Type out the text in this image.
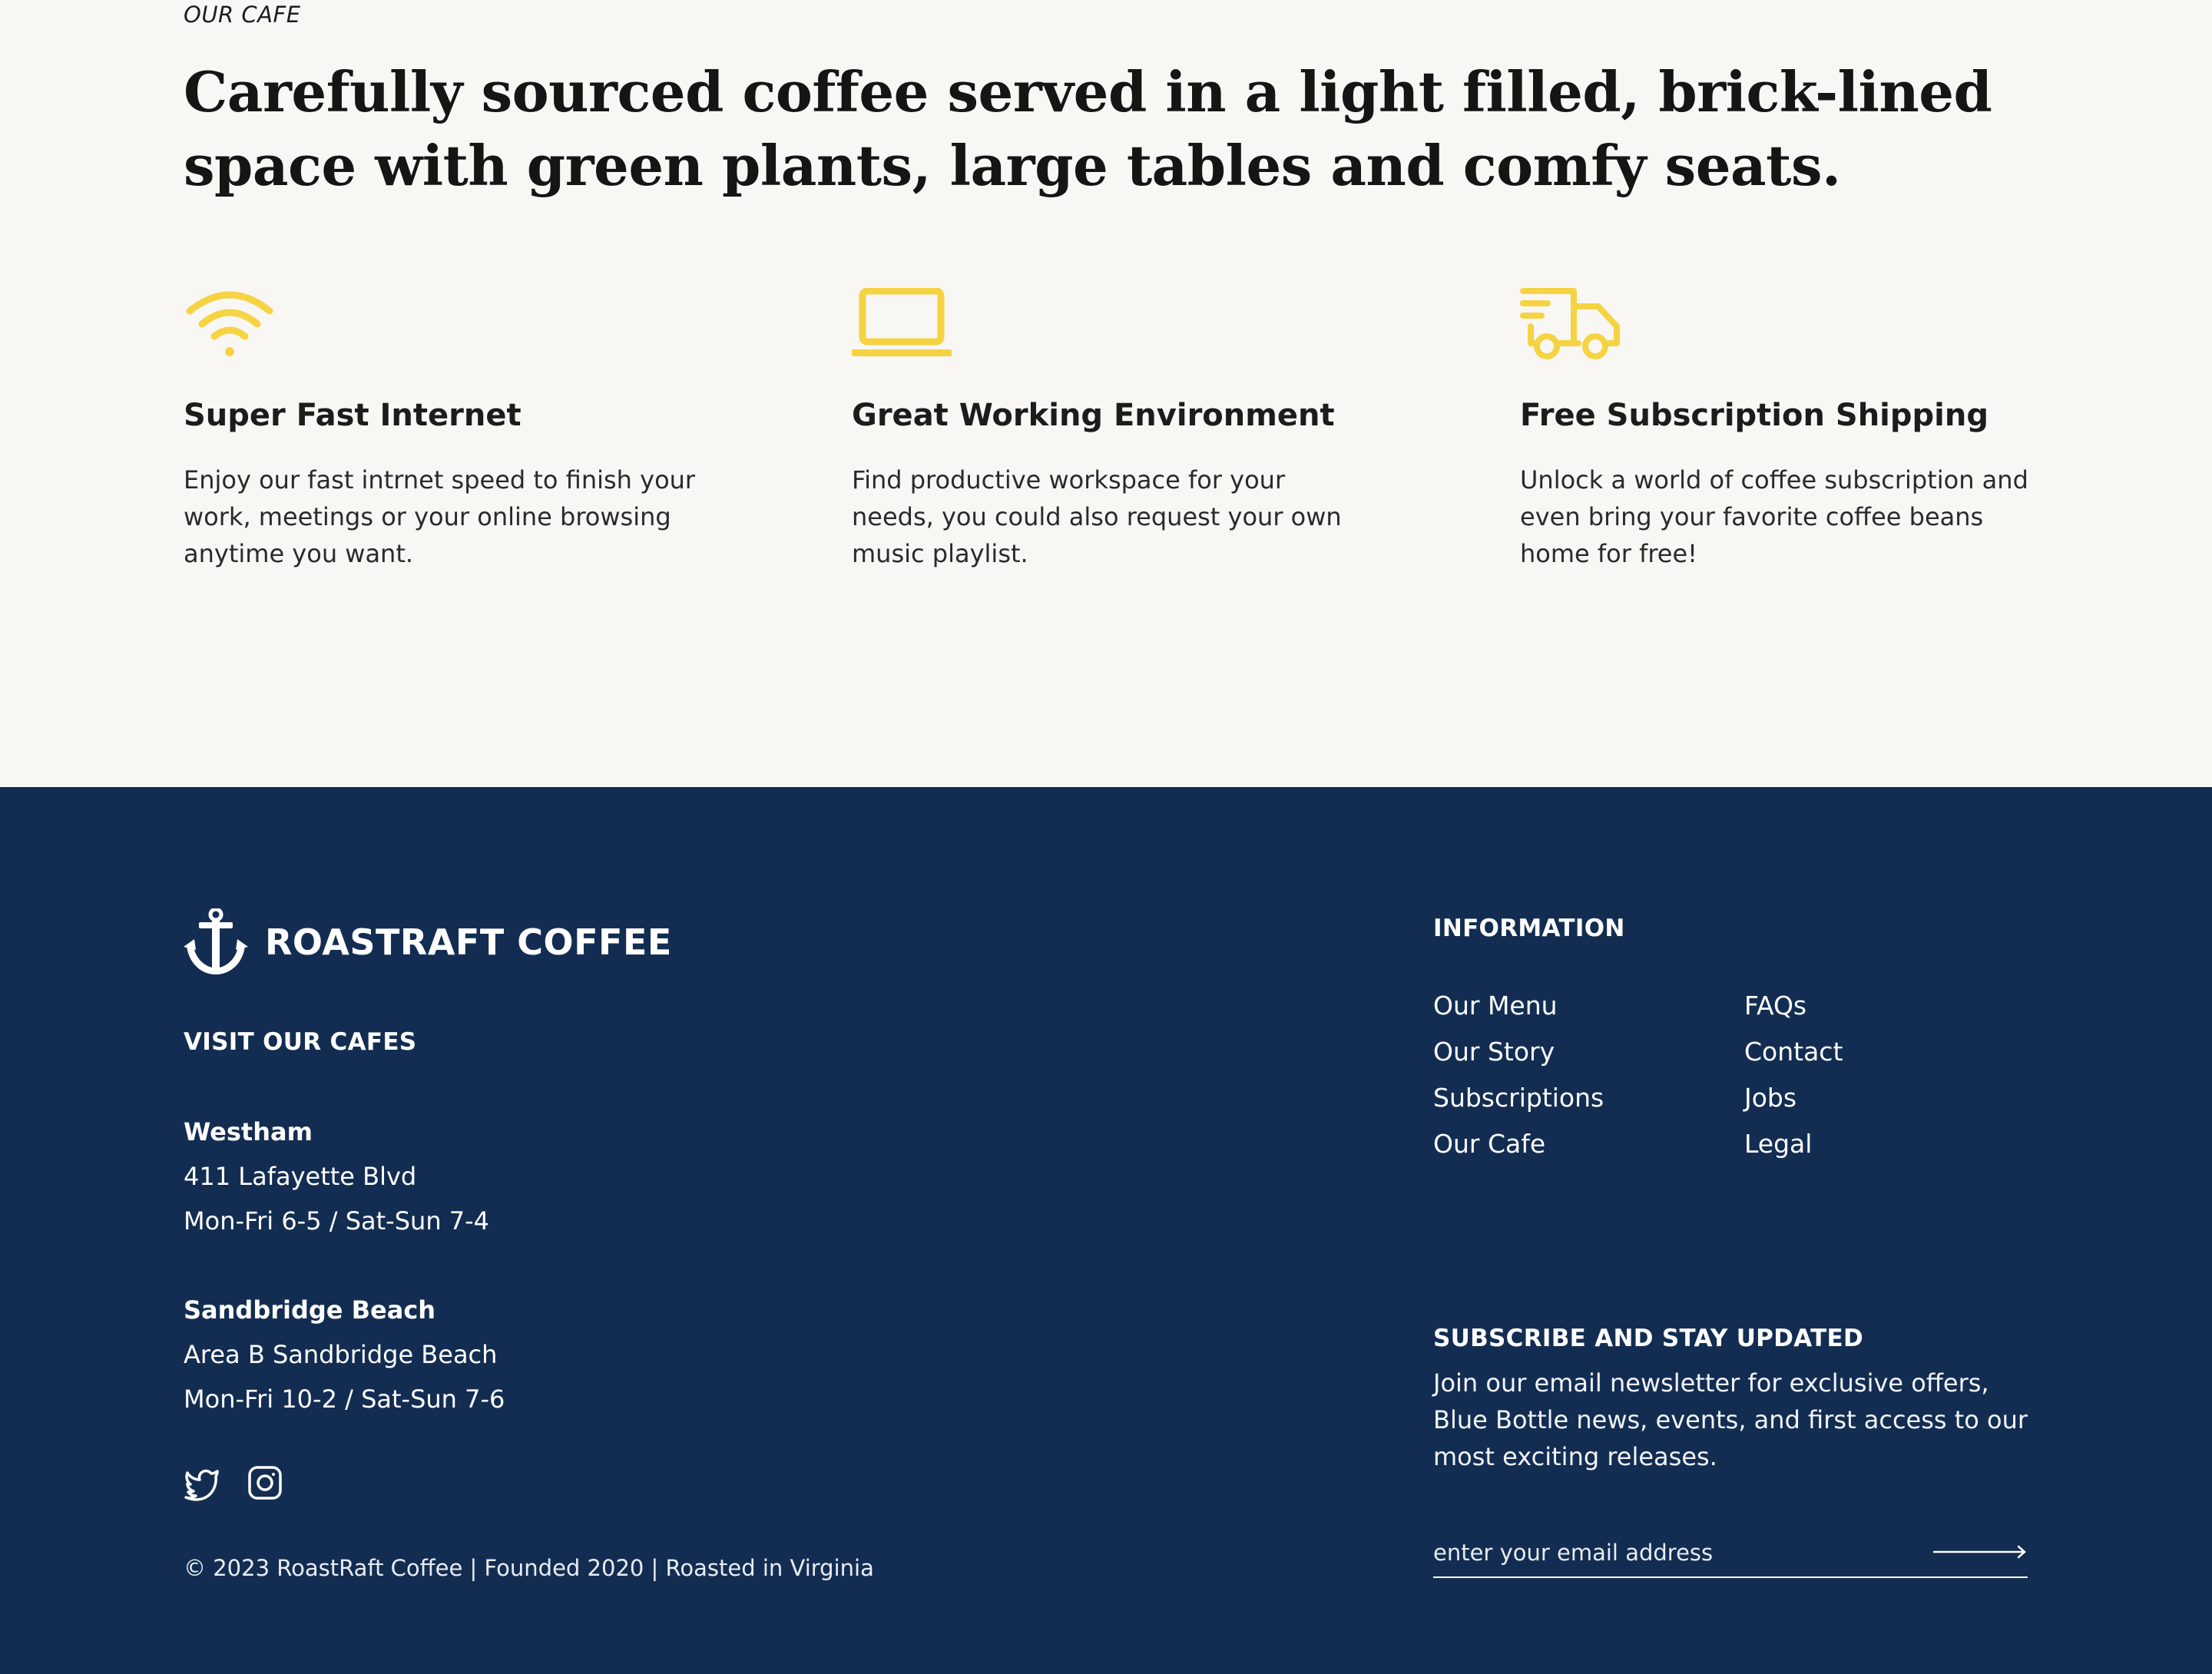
OUR CAFE
Carefully sourced coffee served in a light filled, brick-lined space with green plants, large tables and comfy seats.
Super Fast Internet

Enjoy our fast intrnet speed to finish your work, meetings or your online browsing anytime you want.

Great Working Environment

Find productive workspace for your needs, you could also request your own music playlist.

Free Subscription Shipping

Unlock a world of coffee subscription and even bring your favorite coffee beans home for free!

ROASTRAFT COFFEE
VISIT OUR CAFES
Westham
411 Lafayette Blvd
Mon-Fri 6-5 / Sat-Sun 7-4
Sandbridge Beach
Area B Sandbridge Beach
Mon-Fri 10-2 / Sat-Sun 7-6
© 2023 RoastRaft Coffee | Founded 2020 | Roasted in Virginia
INFORMATION
Our Menu
Our Story
Subscriptions
Our Cafe
FAQs
Contact
Jobs
Legal
SUBSCRIBE AND STAY UPDATED

Join our email newsletter for exclusive offers, Blue Bottle news, events, and first access to our most exciting releases.

enter your email address
